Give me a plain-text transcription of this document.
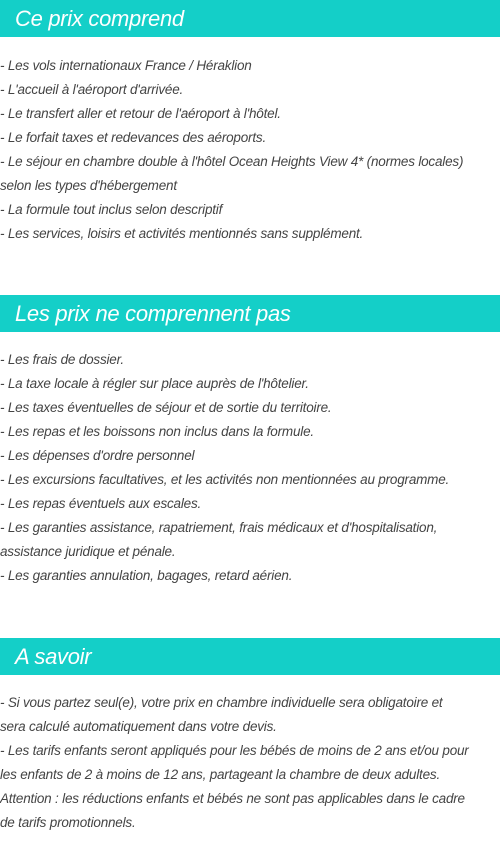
Ce prix comprend

- Les vols internationaux France / Héraklion

- L'accueil à l'aéroport d'arrivée.

- Le transfert aller et retour de l'aéroport à l'hôtel.

- Le forfait taxes et redevances des aéroports.

- Le séjour en chambre double à l'hôtel Ocean Heights View 4* (normes locales)

selon les types d'hébergement

- La formule tout inclus selon descriptif

- Les services, loisirs et activités mentionnés sans supplément.

Les prix ne comprennent pas

- Les frais de dossier.

- La taxe locale à régler sur place auprès de l'hôtelier.

- Les taxes éventuelles de séjour et de sortie du territoire.

- Les repas et les boissons non inclus dans la formule.

- Les dépenses d'ordre personnel

- Les excursions facultatives, et les activités non mentionnées au programme.

- Les repas éventuels aux escales.

- Les garanties assistance, rapatriement, frais médicaux et d'hospitalisation,

assistance juridique et pénale.

- Les garanties annulation, bagages, retard aérien.

A savoir

- Si vous partez seul(e), votre prix en chambre individuelle sera obligatoire et

sera calculé automatiquement dans votre devis.

- Les tarifs enfants seront appliqués pour les bébés de moins de 2 ans et/ou pour

les enfants de 2 à moins de 12 ans, partageant la chambre de deux adultes.

Attention : les réductions enfants et bébés ne sont pas applicables dans le cadre

de tarifs promotionnels.
